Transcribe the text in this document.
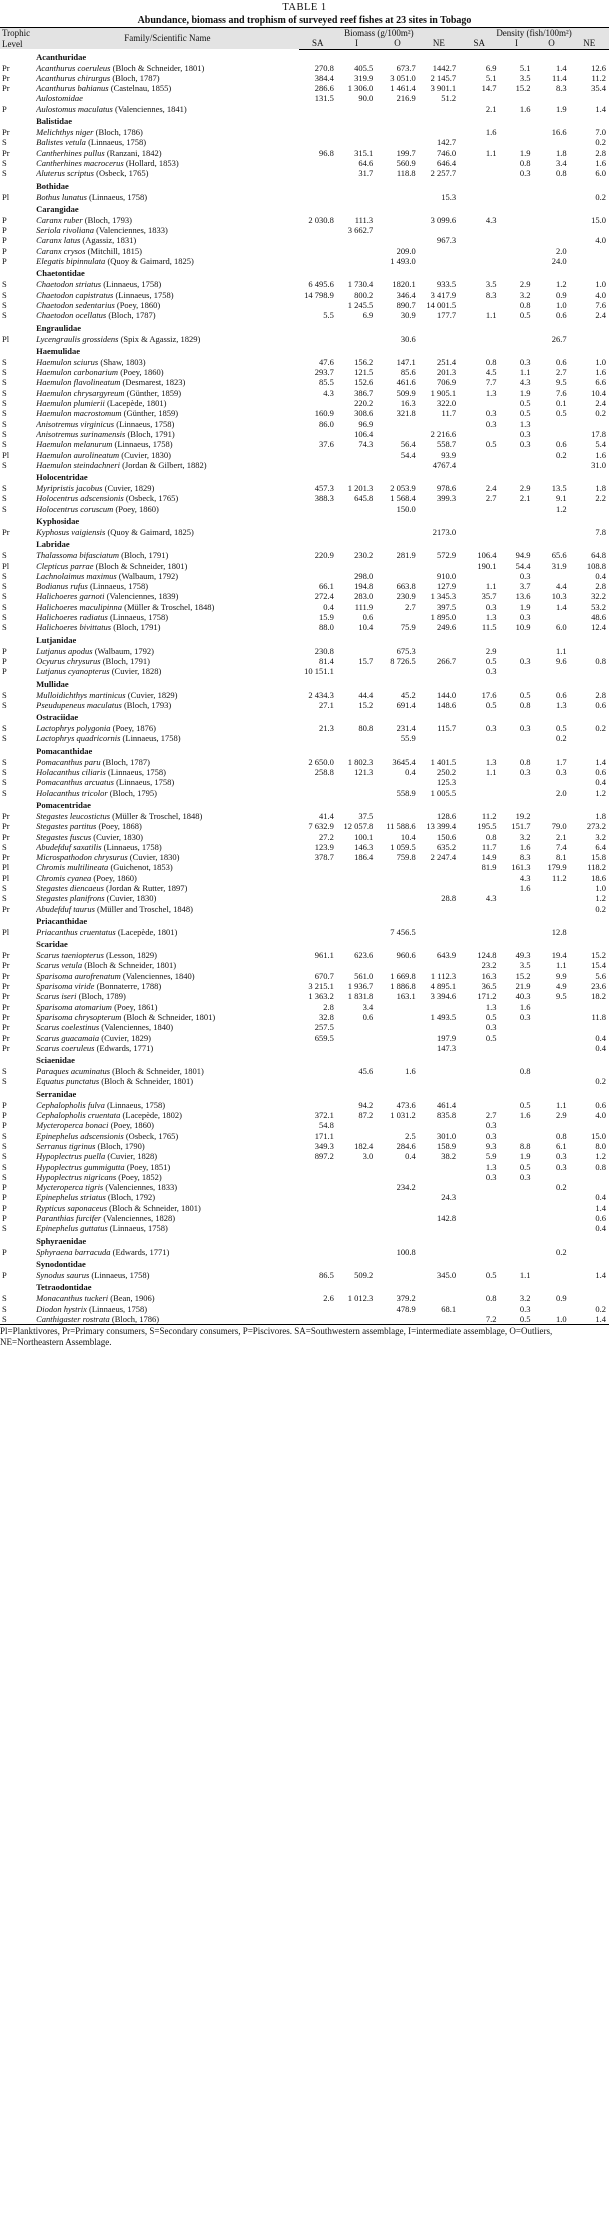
TABLE 1
Abundance, biomass and trophism of surveyed reef fishes at 23 sites in Tobago
Trophic Level	Family/Scientific Name	Biomass (g/100m²)				Density (fish/100m²)			
		SA	I	O	NE	SA	I	O	NE
	Acanthuridae								
Pr	Acanthurus coeruleus (Bloch & Schneider, 1801)	270.8	405.5	673.7	1442.7	6.9	5.1	1.4	12.6
Pr	Acanthurus chirurgus (Bloch, 1787)	384.4	319.9	3 051.0	2 145.7	5.1	3.5	11.4	11.2
Pr	Acanthurus bahianus (Castelnau, 1855)	286.6	1 306.0	1 461.4	3 901.1	14.7	15.2	8.3	35.4
	Aulostomidae	131.5	90.0	216.9	51.2				
P	Aulostomus maculatus (Valenciennes, 1841)					2.1	1.6	1.9	1.4
	Balistidae								
Pr	Melichthys niger (Bloch, 1786)					1.6		16.6	7.0
S	Balistes vetula (Linnaeus, 1758)				142.7				0.2
Pr	Cantherhines pullus (Ranzani, 1842)	96.8	315.1	199.7	746.0	1.1	1.9	1.8	2.8
S	Cantherhines macrocerus (Hollard, 1853)		64.6	560.9	646.4		0.8	3.4	1.6
S	Aluterus scriptus (Osbeck, 1765)		31.7	118.8	2 257.7		0.3	0.8	6.0
	Bothidae								
Pl	Bothus lunatus (Linnaeus, 1758)				15.3				0.2
	Carangidae								
P	Caranx ruber (Bloch, 1793)	2 030.8	111.3		3 099.6	4.3			15.0
P	Seriola rivoliana (Valenciennes, 1833)		3 662.7						
P	Caranx latus (Agassiz, 1831)				967.3				4.0
P	Caranx crysos (Mitchill, 1815)			209.0				2.0	
P	Elegatis bipinnulata (Quoy & Gaimard, 1825)			1 493.0				24.0	
	Chaetontidae								
S	Chaetodon striatus (Linnaeus, 1758)	6 495.6	1 730.4	1820.1	933.5	3.5	2.9	1.2	1.0
S	Chaetodon capistratus (Linnaeus, 1758)	14 798.9	800.2	346.4	3 417.9	8.3	3.2	0.9	4.0
S	Chaetodon sedentarius (Poey, 1860)		1 245.5	890.7	14 001.5		0.8	1.0	7.6
S	Chaetodon ocellatus (Bloch, 1787)	5.5	6.9	30.9	177.7	1.1	0.5	0.6	2.4
	Engraulidae								
Pl	Lycengraulis grossidens (Spix & Agassiz, 1829)			30.6				26.7	
	Haemulidae								
S	Haemulon sciurus (Shaw, 1803)	47.6	156.2	147.1	251.4	0.8	0.3	0.6	1.0
S	Haemulon carbonarium (Poey, 1860)	293.7	121.5	85.6	201.3	4.5	1.1	2.7	1.6
S	Haemulon flavolineatum (Desmarest, 1823)	85.5	152.6	461.6	706.9	7.7	4.3	9.5	6.6
S	Haemulon chrysargyreum (Günther, 1859)	4.3	386.7	509.9	1 905.1	1.3	1.9	7.6	10.4
S	Haemulon plumierii (Lacepède, 1801)		220.2	16.3	322.0		0.5	0.1	2.4
S	Haemulon macrostomum (Günther, 1859)	160.9	308.6	321.8	11.7	0.3	0.5	0.5	0.2
S	Anisotremus virginicus (Linnaeus, 1758)	86.0	96.9			0.3	1.3		
S	Anisotremus surinamensis (Bloch, 1791)		106.4		2 216.6		0.3		17.8
S	Haemulon melanurum (Linnaeus, 1758)	37.6	74.3	56.4	558.7	0.5	0.3	0.6	5.4
Pl	Haemulon aurolineatum (Cuvier, 1830)			54.4	93.9			0.2	1.6
S	Haemulon steindachneri (Jordan & Gilbert, 1882)				4767.4				31.0
	Holocentridae								
S	Myripristis jacobus (Cuvier, 1829)	457.3	1 201.3	2 053.9	978.6	2.4	2.9	13.5	1.8
S	Holocentrus adscensionis (Osbeck, 1765)	388.3	645.8	1 568.4	399.3	2.7	2.1	9.1	2.2
S	Holocentrus coruscum (Poey, 1860)			150.0				1.2	
	Kyphosidae								
Pr	Kyphosus vaigiensis (Quoy & Gaimard, 1825)				2173.0				7.8
	Labridae								
S	Thalassoma bifasciatum (Bloch, 1791)	220.9	230.2	281.9	572.9	106.4	94.9	65.6	64.8
Pl	Clepticus parrae (Bloch & Schneider, 1801)					190.1	54.4	31.9	108.8
S	Lachnolaimus maximus (Walbaum, 1792)		298.0		910.0		0.3		0.4
S	Bodianus rufus (Linnaeus, 1758)	66.1	194.8	663.8	127.9	1.1	3.7	4.4	2.8
S	Halichoeres garnoti (Valenciennes, 1839)	272.4	283.0	230.9	1 345.3	35.7	13.6	10.3	32.2
S	Halichoeres maculipinna (Müller & Troschel, 1848)	0.4	111.9	2.7	397.5	0.3	1.9	1.4	53.2
S	Halichoeres radiatus (Linnaeus, 1758)	15.9	0.6		1 895.0	1.3	0.3		48.6
S	Halichoeres bivittatus (Bloch, 1791)	88.0	10.4	75.9	249.6	11.5	10.9	6.0	12.4
	Lutjanidae								
P	Lutjanus apodus (Walbaum, 1792)	230.8		675.3		2.9		1.1	
P	Ocyurus chrysurus (Bloch, 1791)	81.4	15.7	8 726.5	266.7	0.5	0.3	9.6	0.8
P	Lutjanus cyanopterus (Cuvier, 1828)	10 151.1				0.3			
	Mullidae								
S	Mulloidichthys martinicus (Cuvier, 1829)	2 434.3	44.4	45.2	144.0	17.6	0.5	0.6	2.8
S	Pseudupeneus maculatus (Bloch, 1793)	27.1	15.2	691.4	148.6	0.5	0.8	1.3	0.6
	Ostraciidae								
S	Lactophrys polygonia (Poey, 1876)	21.3	80.8	231.4	115.7	0.3	0.3	0.5	0.2
S	Lactophrys quadricornis (Linnaeus, 1758)			55.9				0.2	
	Pomacanthidae								
S	Pomacanthus paru (Bloch, 1787)	2 650.0	1 802.3	3645.4	1 401.5	1.3	0.8	1.7	1.4
S	Holacanthus ciliaris (Linnaeus, 1758)	258.8	121.3	0.4	250.2	1.1	0.3	0.3	0.6
S	Pomacanthus arcuatus (Linnaeus, 1758)				125.3				0.4
S	Holacanthus tricolor (Bloch, 1795)			558.9	1 005.5			2.0	1.2
	Pomacentridae								
Pr	Stegastes leucostictus (Müller & Troschel, 1848)	41.4	37.5		128.6	11.2	19.2		1.8
Pr	Stegastes partitus (Poey, 1868)	7 632.9	12 057.8	11 588.6	13 399.4	195.5	151.7	79.0	273.2
Pr	Stegastes fuscus (Cuvier, 1830)	27.2	100.1	10.4	150.6	0.8	3.2	2.1	3.2
S	Abudefduf saxatilis (Linnaeus, 1758)	123.9	146.3	1 059.5	635.2	11.7	1.6	7.4	6.4
Pr	Microspathodon chrysurus (Cuvier, 1830)	378.7	186.4	759.8	2 247.4	14.9	8.3	8.1	15.8
Pl	Chromis multilineata (Guichenot, 1853)					81.9	161.3	179.9	118.2
Pl	Chromis cyanea (Poey, 1860)						4.3	11.2	18.6
S	Stegastes diencaeus (Jordan & Rutter, 1897)						1.6		1.0
S	Stegastes planifrons (Cuvier, 1830)				28.8	4.3			1.2
Pr	Abudefduf taurus (Müller and Troschel, 1848)								0.2
	Priacanthidae								
Pl	Priacanthus cruentatus (Lacepède, 1801)			7 456.5				12.8	
	Scaridae								
Pr	Scarus taeniopterus (Lesson, 1829)	961.1	623.6	960.6	643.9	124.8	49.3	19.4	15.2
Pr	Scarus vetula (Bloch & Schneider, 1801)					23.2	3.5	1.1	15.4
Pr	Sparisoma aurofrenatum (Valenciennes, 1840)	670.7	561.0	1 669.8	1 112.3	16.3	15.2	9.9	5.6
Pr	Sparisoma viride (Bonnaterre, 1788)	3 215.1	1 936.7	1 886.8	4 895.1	36.5	21.9	4.9	23.6
Pr	Scarus iseri (Bloch, 1789)	1 363.2	1 831.8	163.1	3 394.6	171.2	40.3	9.5	18.2
Pr	Sparisoma atomarium (Poey, 1861)	2.8	3.4			1.3	1.6		
Pr	Sparisoma chrysopterum (Bloch & Schneider, 1801)	32.8	0.6		1 493.5	0.5	0.3		11.8
Pr	Scarus coelestinus (Valenciennes, 1840)	257.5				0.3			
Pr	Scarus guacamaia (Cuvier, 1829)	659.5			197.9	0.5			0.4
Pr	Scarus coeruleus (Edwards, 1771)				147.3				0.4
	Sciaenidae								
S	Paraques acuminatus (Bloch & Schneider, 1801)		45.6	1.6			0.8		
S	Equatus punctatus (Bloch & Schneider, 1801)								0.2
	Serranidae								
P	Cephalopholis fulva (Linnaeus, 1758)		94.2	473.6	461.4		0.5	1.1	0.6
P	Cephalopholis cruentata (Lacepède, 1802)	372.1	87.2	1 031.2	835.8	2.7	1.6	2.9	4.0
P	Mycteroperca bonaci (Poey, 1860)	54.8				0.3			
S	Epinephelus adscensionis (Osbeck, 1765)	171.1		2.5	301.0	0.3		0.8	15.0
S	Serranus tigrinus (Bloch, 1790)	349.3	182.4	284.6	158.9	9.3	8.8	6.1	8.0
S	Hypoplectrus puella (Cuvier, 1828)	897.2	3.0	0.4	38.2	5.9	1.9	0.3	1.2
S	Hypoplectrus gummigutta (Poey, 1851)					1.3	0.5	0.3	0.8
S	Hypoplectrus nigricans (Poey, 1852)					0.3	0.3		
P	Mycteroperca tigris (Valenciennes, 1833)			234.2				0.2	
P	Epinephelus striatus (Bloch, 1792)				24.3				0.4
P	Rypticus saponaceus (Bloch & Schneider, 1801)								1.4
P	Paranthias furcifer (Valenciennes, 1828)				142.8				0.6
S	Epinephelus guttatus (Linnaeus, 1758)								0.4
	Sphyraenidae								
P	Sphyraena barracuda (Edwards, 1771)			100.8				0.2	
	Synodontidae								
P	Synodus saurus (Linnaeus, 1758)	86.5	509.2		345.0	0.5	1.1		1.4
	Tetraodontidae								
S	Monacanthus tuckeri (Bean, 1906)	2.6	1 012.3	379.2		0.8	3.2	0.9	
S	Diodon hystrix (Linnaeus, 1758)			478.9	68.1		0.3		0.2
S	Canthigaster rostrata (Bloch, 1786)					7.2	0.5	1.0	1.4
Pl=Planktivores, Pr=Primary consumers, S=Secondary consumers, P=Piscivores. SA=Southwestern assemblage, I=intermediate assemblage, O=Outliers, NE=Northeastern Assemblage.									
